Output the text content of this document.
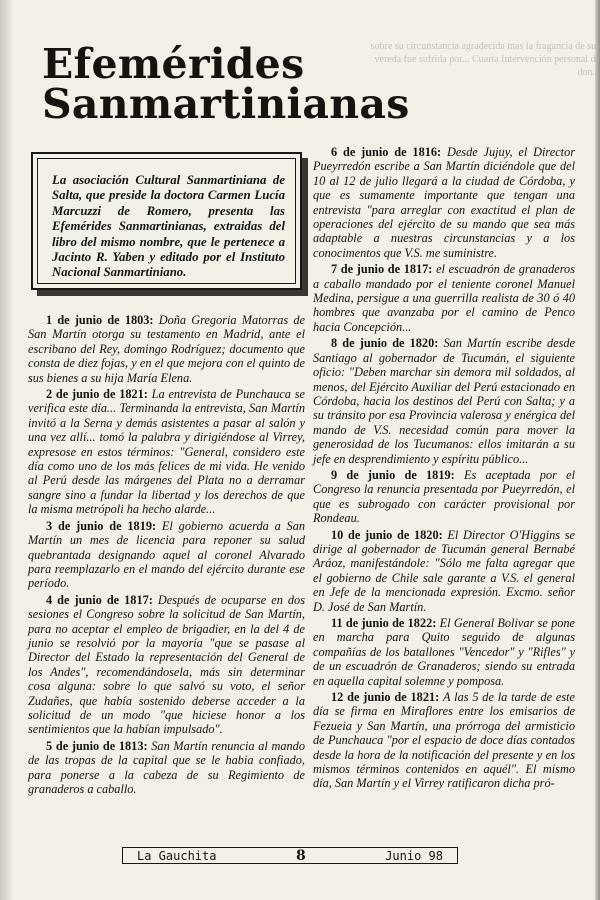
sobre su circunstancia agradecida mas la fragancia de sus vereda fue sufrida por... Cuarta Intervención personal de don...
Efemérides
Sanmartinianas
La asociación Cultural Sanmartiniana de Salta, que preside la doctora Carmen Lucía Marcuzzi de Romero, presenta las Efemérides Sanmartinianas, extraidas del libro del mismo nombre, que le pertenece a Jacinto R. Yaben y editado por el Instituto Nacional Sanmartiniano.

1 de junio de 1803: Doña Gregoria Matorras de San Martín otorga su testamento en Madrid, ante el escribano del Rey, domingo Rodríguez; documento que consta de diez fojas, y en el que mejora con el quinto de sus bienes a su hija María Elena.

2 de junio de 1821: La entrevista de Punchauca se verifica este día... Terminanda la entrevista, San Martín invitó a la Serna y demás asistentes a pasar al salón y una vez allí... tomó la palabra y dirigiéndose al Virrey, expresose en estos términos: "General, considero este día como uno de los más felices de mi vida. He venido al Perú desde las márgenes del Plata no a derramar sangre sino a fundar la libertad y los derechos de que la misma metrópoli ha hecho alarde...

3 de junio de 1819: El gobierno acuerda a San Martín un mes de licencia para reponer su salud quebrantada designando aquel al coronel Alvarado para reemplazarlo en el mando del ejército durante ese período.

4 de junio de 1817: Después de ocuparse en dos sesiones el Congreso sobre la solicitud de San Martín, para no aceptar el empleo de brigadier, en la del 4 de junio se resolvió por la mayoría "que se pasase al Director del Estado la representación del General de los Andes", recomendándosela, más sin determinar cosa alguna: sobre lo que salvó su voto, el señor Zudañes, que había sostenido deberse acceder a la solicitud de un modo "que hiciese honor a los sentimientos que la habían impulsado".

5 de junio de 1813: San Martín renuncia al mando de las tropas de la capital que se le habia confiado, para ponerse a la cabeza de su Regimiento de granaderos a caballo.

6 de junio de 1816: Desde Jujuy, el Director Pueyrredón escribe a San Martín diciéndole que del 10 al 12 de julio llegará a la ciudad de Córdoba, y que es sumamente importante que tengan una entrevista "para arreglar con exactitud el plan de operaciones del ejército de su mando que sea más adaptable a nuestras circunstancias y a los conocimentos que V.S. me suministre.

7 de junio de 1817: el escuadrón de granaderos a caballo mandado por el teniente coronel Manuel Medina, persigue a una guerrilla realista de 30 ó 40 hombres que avanzaba por el camino de Penco hacia Concepción...

8 de junio de 1820: San Martín escribe desde Santiago al gobernador de Tucumán, el siguiente oficio: "Deben marchar sin demora mil soldados, al menos, del Ejército Auxiliar del Perú estacionado en Córdoba, hacia los destinos del Perú con Salta; y a su tránsito por esa Provincia valerosa y enérgica del mando de V.S. necesidad común para mover la generosidad de los Tucumanos: ellos imitarán a su jefe en desprendimiento y espíritu público...

9 de junio de 1819: Es aceptada por el Congreso la renuncia presentada por Pueyrredón, el que es subrogado con carácter provisional por Rondeau.

10 de junio de 1820: El Director O'Higgins se dirige al gobernador de Tucumán general Bernabé Aráoz, manifestándole: "Sólo me falta agregar que el gobierno de Chile sale garante a V.S. el general en Jefe de la mencionada expresión. Excmo. señor D. José de San Martín.

11 de junio de 1822: El General Bolivar se pone en marcha para Quito seguido de algunas compañías de los batallones "Vencedor" y "Rifles" y de un escuadrón de Granaderos; siendo su entrada en aquella capital solemne y pomposa.

12 de junio de 1821: A las 5 de la tarde de este día se firma en Miraflores entre los emisarios de Fezueia y San Martín, una prórroga del armisticio de Punchauca "por el espacio de doce días contados desde la hora de la notificación del presente y en los mismos términos contenidos en aquél". El mismo día, San Martín y el Virrey ratificaron dicha pró-

La Gauchita	8	Junio 98
